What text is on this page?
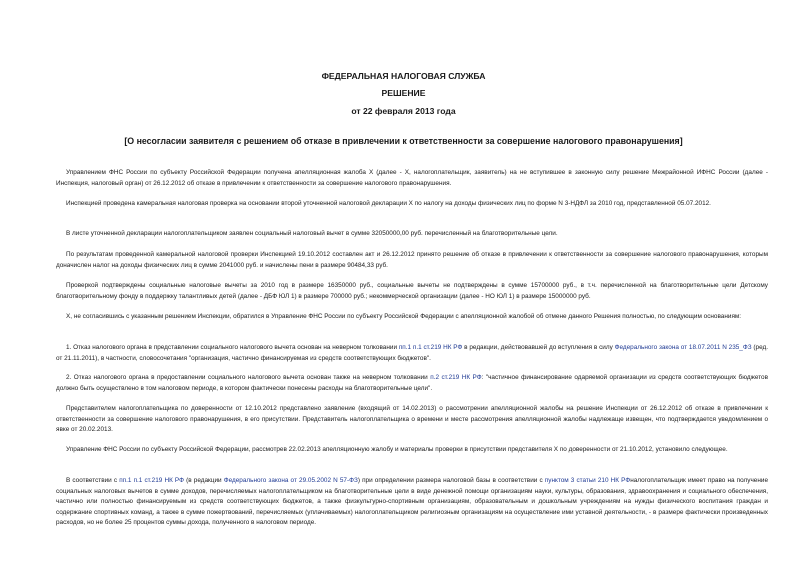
ФЕДЕРАЛЬНАЯ НАЛОГОВАЯ СЛУЖБА
РЕШЕНИЕ
от 22 февраля 2013 года
[О несогласии заявителя с решением об отказе в привлечении к ответственности за совершение налогового правонарушения]

Управлением ФНС России по субъекту Российской Федерации получена апелляционная жалоба Х (далее - Х, налогоплательщик, заявитель) на не вступившее в законную силу решение Межрайонной ИФНС России (далее - Инспекция, налоговый орган) от 26.12.2012 об отказе в привлечении к ответственности за совершение налогового правонарушения.

Инспекцией проведена камеральная налоговая проверка на основании второй уточненной налоговой декларации Х по налогу на доходы физических лиц по форме N 3-НДФЛ за 2010 год, представленной 05.07.2012.

В листе уточненной декларации налогоплательщиком заявлен социальный налоговый вычет в сумме 32050000,00 руб. перечисленный на благотворительные цели.

По результатам проведенной камеральной налоговой проверки Инспекцией 19.10.2012 составлен акт и 26.12.2012 принято решение об отказе в привлечении к ответственности за совершение налогового правонарушения, которым доначислен налог на доходы физических лиц в сумме 2041000 руб. и начислены пени в размере 90484,33 руб.

Проверкой подтверждены социальные налоговые вычеты за 2010 год в размере 16350000 руб., социальные вычеты не подтверждены в сумме 15700000 руб., в т.ч. перечисленной на благотворительные цели Детскому благотворительному фонду в поддержку талантливых детей (далее - ДБФ ЮЛ 1) в размере 700000 руб.; некоммерческой организации (далее - НО ЮЛ 1) в размере 15000000 руб.

Х, не согласившись с указанным решением Инспекции, обратился в Управление ФНС России по субъекту Российской Федерации с апелляционной жалобой об отмене данного Решения полностью, по следующим основаниям:

1. Отказ налогового органа в представлении социального налогового вычета основан на неверном толковании пп.1 п.1 ст.219 НК РФ в редакции, действовавшей до вступления в силу Федерального закона от 18.07.2011 N 235_ФЗ (ред. от 21.11.2011), в частности, словосочетания "организация, частично финансируемая из средств соответствующих бюджетов".

2. Отказ налогового органа в предоставлении социального налогового вычета основан также на неверном толковании п.2 ст.219 НК РФ: "частичное финансирование одаряемой организации из средств соответствующих бюджетов должно быть осуществлено в том налоговом периоде, в котором фактически понесены расходы на благотворительные цели".

Представителем налогоплательщика по доверенности от 12.10.2012 представлено заявление (входящий от 14.02.2013) о рассмотрении апелляционной жалобы на решение Инспекции от 26.12.2012 об отказе в привлечении к ответственности за совершение налогового правонарушения, в его присутствии. Представитель налогоплательщика о времени и месте рассмотрения апелляционной жалобы надлежаще извещен, что подтверждается уведомлением о явке от 20.02.2013.

Управление ФНС России по субъекту Российской Федерации, рассмотрев 22.02.2013 апелляционную жалобу и материалы проверки в присутствии представителя Х по доверенности от 21.10.2012, установило следующее.

В соответствии с пп.1 п.1 ст.219 НК РФ (в редакции Федерального закона от 29.05.2002 N 57-ФЗ) при определении размера налоговой базы в соответствии с пунктом 3 статьи 210 НК РФналогоплательщик имеет право на получение социальных налоговых вычетов в сумме доходов, перечисляемых налогоплательщиком на благотворительные цели в виде денежной помощи организациям науки, культуры, образования, здравоохранения и социального обеспечения, частично или полностью финансируемым из средств соответствующих бюджетов, а также физкультурно-спортивным организациям, образовательным и дошкольным учреждениям на нужды физического воспитания граждан и содержание спортивных команд, а также в сумме пожертвований, перечисляемых (уплачиваемых) налогоплательщиком религиозным организациям на осуществление ими уставной деятельности, - в размере фактически произведенных расходов, но не более 25 процентов суммы дохода, полученного в налоговом периоде.
